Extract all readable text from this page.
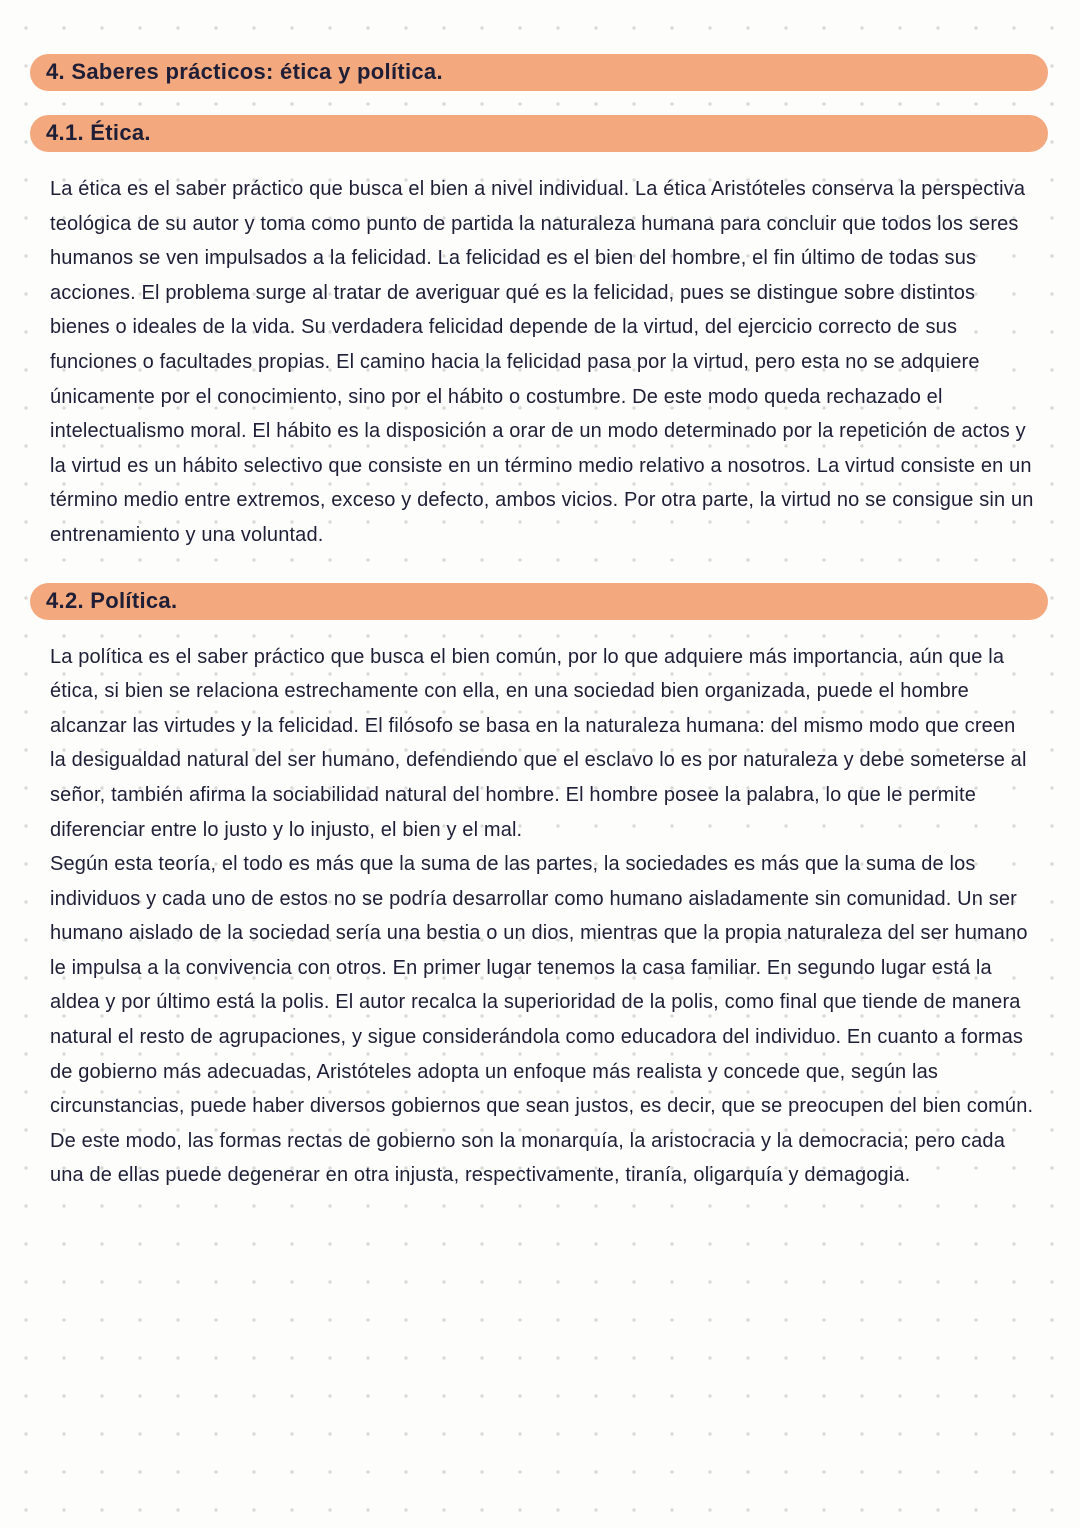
4. Saberes prácticos: ética y política.
4.1. Ética.

La ética es el saber práctico que busca el bien a nivel individual. La ética Aristóteles conserva la perspectiva teológica de su autor y toma como punto de partida la naturaleza humana para concluir que todos los seres humanos se ven impulsados a la felicidad. La felicidad es el bien del hombre, el fin último de todas sus acciones. El problema surge al tratar de averiguar qué es la felicidad, pues se distingue sobre distintos bienes o ideales de la vida. Su verdadera felicidad depende de la virtud, del ejercicio correcto de sus funciones o facultades propias. El camino hacia la felicidad pasa por la virtud, pero esta no se adquiere únicamente por el conocimiento, sino por el hábito o costumbre. De este modo queda rechazado el intelectualismo moral. El hábito es la disposición a orar de un modo determinado por la repetición de actos y la virtud es un hábito selectivo que consiste en un término medio relativo a nosotros. La virtud consiste en un término medio entre extremos, exceso y defecto, ambos vicios. Por otra parte, la virtud no se consigue sin un entrenamiento y una voluntad.

4.2. Política.

La política es el saber práctico que busca el bien común, por lo que adquiere más importancia, aún que la ética, si bien se relaciona estrechamente con ella, en una sociedad bien organizada, puede el hombre alcanzar las virtudes y la felicidad. El filósofo se basa en la naturaleza humana: del mismo modo que creen la desigualdad natural del ser humano, defendiendo que el esclavo lo es por naturaleza y debe someterse al señor, también afirma la sociabilidad natural del hombre. El hombre posee la palabra, lo que le permite diferenciar entre lo justo y lo injusto, el bien y el mal.

Según esta teoría, el todo es más que la suma de las partes, la sociedades es más que la suma de los individuos y cada uno de estos no se podría desarrollar como humano aisladamente sin comunidad. Un ser humano aislado de la sociedad sería una bestia o un dios, mientras que la propia naturaleza del ser humano le impulsa a la convivencia con otros. En primer lugar tenemos la casa familiar. En segundo lugar está la aldea y por último está la polis. El autor recalca la superioridad de la polis, como final que tiende de manera natural el resto de agrupaciones, y sigue considerándola como educadora del individuo. En cuanto a formas de gobierno más adecuadas, Aristóteles adopta un enfoque más realista y concede que, según las circunstancias, puede haber diversos gobiernos que sean justos, es decir, que se preocupen del bien común. De este modo, las formas rectas de gobierno son la monarquía, la aristocracia y la democracia; pero cada una de ellas puede degenerar en otra injusta, respectivamente, tiranía, oligarquía y demagogia.
